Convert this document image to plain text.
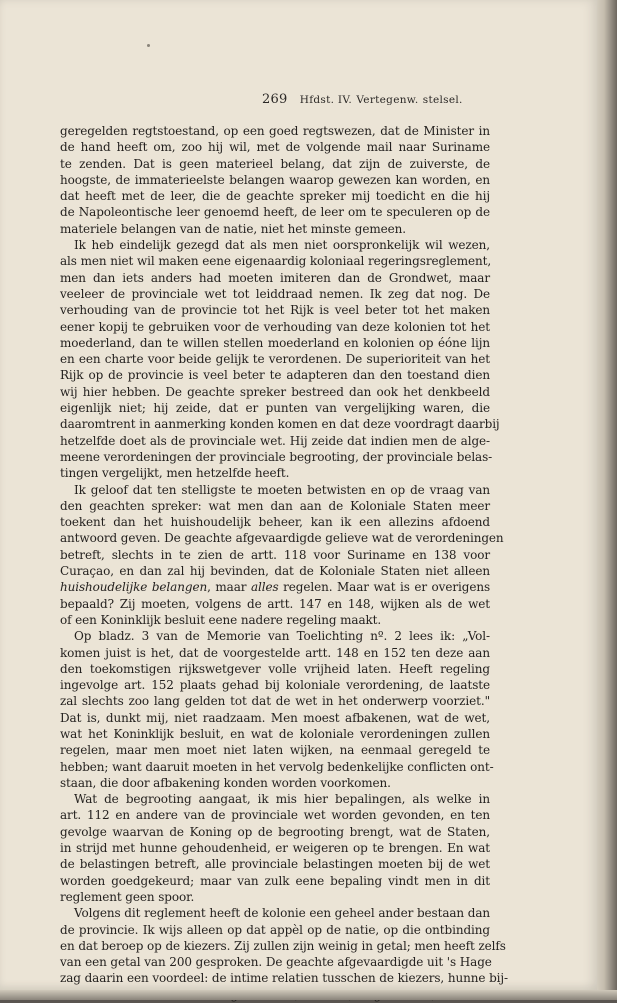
269 Hfdst. IV. Vertegenw. stelsel.
geregelden regtstoestand, op een goed regtswezen, dat de Minister in
de hand heeft om, zoo hij wil, met de volgende mail naar Suriname
te zenden. Dat is geen materieel belang, dat zijn de zuiverste, de
hoogste, de immaterieelste belangen waarop gewezen kan worden, en
dat heeft met de leer, die de geachte spreker mij toedicht en die hij
de Napoleontische leer genoemd heeft, de leer om te speculeren op de
materiele belangen van de natie, niet het minste gemeen.
Ik heb eindelijk gezegd dat als men niet oorspronkelijk wil wezen,
als men niet wil maken eene eigenaardig koloniaal regeringsreglement,
men dan iets anders had moeten imiteren dan de Grondwet, maar
veeleer de provinciale wet tot leiddraad nemen. Ik zeg dat nog. De
verhouding van de provincie tot het Rijk is veel beter tot het maken
eener kopij te gebruiken voor de verhouding van deze kolonien tot het
moederland, dan te willen stellen moederland en kolonien op éóne lijn
en een charte voor beide gelijk te verordenen. De superioriteit van het
Rijk op de provincie is veel beter te adapteren dan den toestand dien
wij hier hebben. De geachte spreker bestreed dan ook het denkbeeld
eigenlijk niet; hij zeide, dat er punten van vergelijking waren, die
daaromtrent in aanmerking konden komen en dat deze voordragt daarbij
hetzelfde doet als de provinciale wet. Hij zeide dat indien men de alge-
meene verordeningen der provinciale begrooting, der provinciale belas-
tingen vergelijkt, men hetzelfde heeft.
Ik geloof dat ten stelligste te moeten betwisten en op de vraag van
den geachten spreker: wat men dan aan de Koloniale Staten meer
toekent dan het huishoudelijk beheer, kan ik een allezins afdoend
antwoord geven. De geachte afgevaardigde gelieve wat de verordeningen
betreft, slechts in te zien de artt. 118 voor Suriname en 138 voor
Curaçao, en dan zal hij bevinden, dat de Koloniale Staten niet alleen
huishoudelijke belangen, maar alles regelen. Maar wat is er overigens
bepaald? Zij moeten, volgens de artt. 147 en 148, wijken als de wet
of een Koninklijk besluit eene nadere regeling maakt.
Op bladz. 3 van de Memorie van Toelichting nº. 2 lees ik: „Vol-
komen juist is het, dat de voorgestelde artt. 148 en 152 ten deze aan
den toekomstigen rijkswetgever volle vrijheid laten. Heeft regeling
ingevolge art. 152 plaats gehad bij koloniale verordening, de laatste
zal slechts zoo lang gelden tot dat de wet in het onderwerp voorziet."
Dat is, dunkt mij, niet raadzaam. Men moest afbakenen, wat de wet,
wat het Koninklijk besluit, en wat de koloniale verordeningen zullen
regelen, maar men moet niet laten wijken, na eenmaal geregeld te
hebben; want daaruit moeten in het vervolg bedenkelijke conflicten ont-
staan, die door afbakening konden worden voorkomen.
Wat de begrooting aangaat, ik mis hier bepalingen, als welke in
art. 112 en andere van de provinciale wet worden gevonden, en ten
gevolge waarvan de Koning op de begrooting brengt, wat de Staten,
in strijd met hunne gehoudenheid, er weigeren op te brengen. En wat
de belastingen betreft, alle provinciale belastingen moeten bij de wet
worden goedgekeurd; maar van zulk eene bepaling vindt men in dit
reglement geen spoor.
Volgens dit reglement heeft de kolonie een geheel ander bestaan dan
de provincie. Ik wijs alleen op dat appèl op de natie, op die ontbinding
en dat beroep op de kiezers. Zij zullen zijn weinig in getal; men heeft zelfs
van een getal van 200 gesproken. De geachte afgevaardigde uit 's Hage
zag daarin een voordeel: de intime relatien tusschen de kiezers, hunne bij-
